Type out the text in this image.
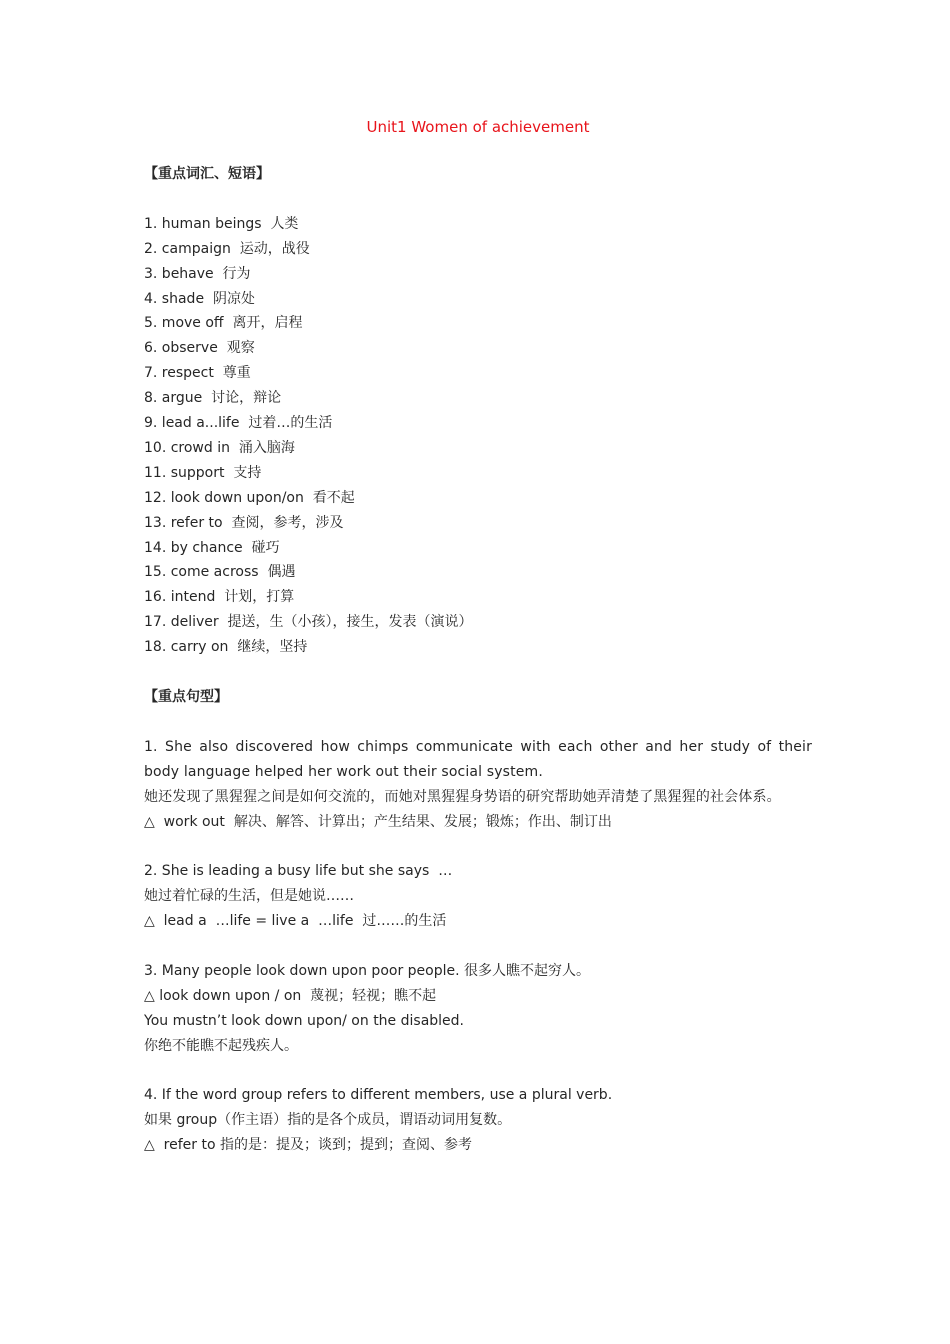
Unit1 Women of achievement
【重点词汇、短语】
1. human beings  人类
2. campaign  运动，战役
3. behave  行为
4. shade  阴凉处
5. move off  离开，启程
6. observe  观察
7. respect  尊重
8. argue  讨论，辩论
9. lead a...life  过着…的生活
10. crowd in  涌入脑海
11. support  支持
12. look down upon/on  看不起
13. refer to  查阅，参考，涉及
14. by chance  碰巧
15. come across  偶遇
16. intend  计划，打算
17. deliver  提送，生（小孩），接生，发表（演说）
18. carry on  继续，坚持
【重点句型】
1. She also discovered how chimps communicate with each other and her study of their body language helped her work out their social system.
她还发现了黑猩猩之间是如何交流的，而她对黑猩猩身势语的研究帮助她弄清楚了黑猩猩的社会体系。
△  work out  解决、解答、计算出；产生结果、发展；锻炼；作出、制订出
2. She is leading a busy life but she says  …
她过着忙碌的生活，但是她说……
△  lead a  …life = live a  …life  过……的生活
3. Many people look down upon poor people. 很多人瞧不起穷人。
△ look down upon / on  蔑视；轻视；瞧不起
You mustn’t look down upon/ on the disabled.
你绝不能瞧不起残疾人。
4. If the word group refers to different members, use a plural verb.
如果 group（作主语）指的是各个成员，谓语动词用复数。
△  refer to 指的是：提及；谈到；提到；查阅、参考
